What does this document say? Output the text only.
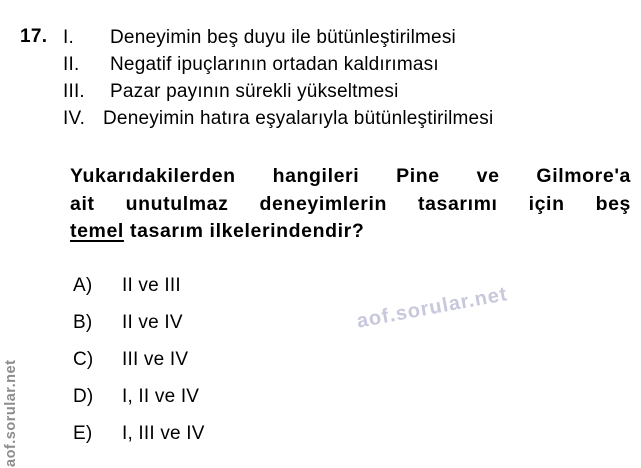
17. I.	Deneyimin beş duyu ile bütünleştirilmesi
II.	Negatif ipuçlarının ortadan kaldırıması
III.	Pazar payının sürekli yükseltmesi
IV. Deneyimin hatıra eşyalarıyla bütünleştirilmesi
Yukarıdakilerden hangileri Pine ve Gilmore'a
ait unutulmaz deneyimlerin tasarımı için beş
temel tasarım ilkelerindendir?
A)	II ve III
B)	II ve IV
C)	III ve IV
D)	I, II ve IV
E)	I, III ve IV
aof.sorular.net
aof.sorular.net
